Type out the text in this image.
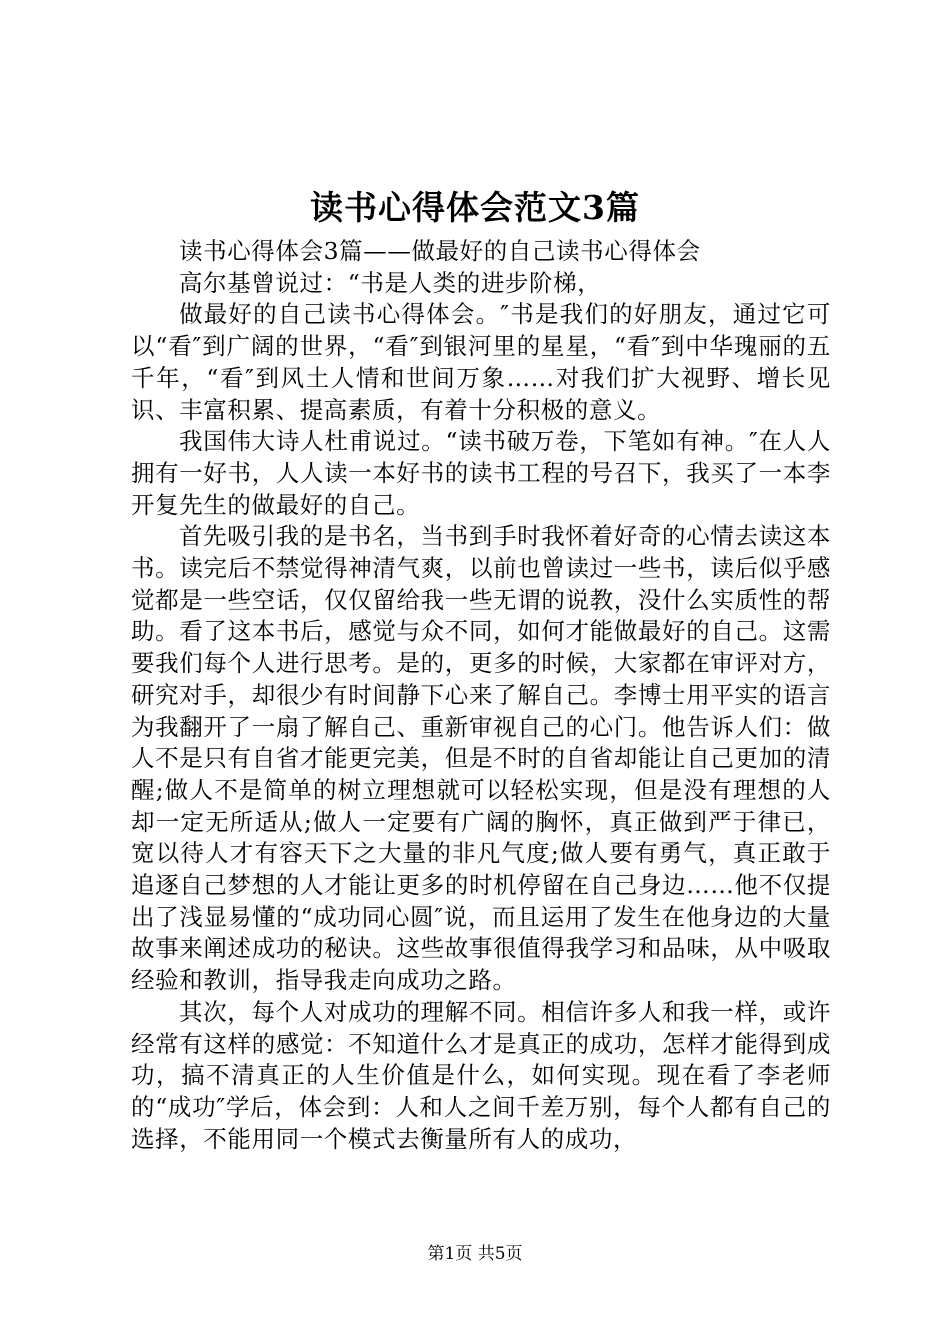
读书心得体会范文3篇

读书心得体会3篇——做最好的自己读书心得体会

高尔基曾说过：“书是人类的进步阶梯，

做最好的自己读书心得体会。″书是我们的好朋友，通过它可以“看″到广阔的世界，“看″到银河里的星星，“看″到中华瑰丽的五千年，“看″到风土人情和世间万象……对我们扩大视野、增长见识、丰富积累、提高素质，有着十分积极的意义。

我国伟大诗人杜甫说过。“读书破万卷，下笔如有神。″在人人拥有一好书，人人读一本好书的读书工程的号召下，我买了一本李开复先生的做最好的自己。

首先吸引我的是书名，当书到手时我怀着好奇的心情去读这本书。读完后不禁觉得神清气爽，以前也曾读过一些书，读后似乎感觉都是一些空话，仅仅留给我一些无谓的说教，没什么实质性的帮助。看了这本书后，感觉与众不同，如何才能做最好的自己。这需要我们每个人进行思考。是的，更多的时候，大家都在审评对方，研究对手，却很少有时间静下心来了解自己。李博士用平实的语言为我翻开了一扇了解自己、重新审视自己的心门。他告诉人们：做人不是只有自省才能更完美，但是不时的自省却能让自己更加的清醒;做人不是简单的树立理想就可以轻松实现，但是没有理想的人却一定无所适从;做人一定要有广阔的胸怀，真正做到严于律已，宽以待人才有容天下之大量的非凡气度;做人要有勇气，真正敢于追逐自己梦想的人才能让更多的时机停留在自己身边……他不仅提出了浅显易懂的“成功同心圆″说，而且运用了发生在他身边的大量故事来阐述成功的秘诀。这些故事很值得我学习和品味，从中吸取经验和教训，指导我走向成功之路。

其次，每个人对成功的理解不同。相信许多人和我一样，或许经常有这样的感觉：不知道什么才是真正的成功，怎样才能得到成功，搞不清真正的人生价值是什么，如何实现。现在看了李老师的“成功″学后，体会到：人和人之间千差万别，每个人都有自己的选择，不能用同一个模式去衡量所有人的成功，

第1页 共5页
